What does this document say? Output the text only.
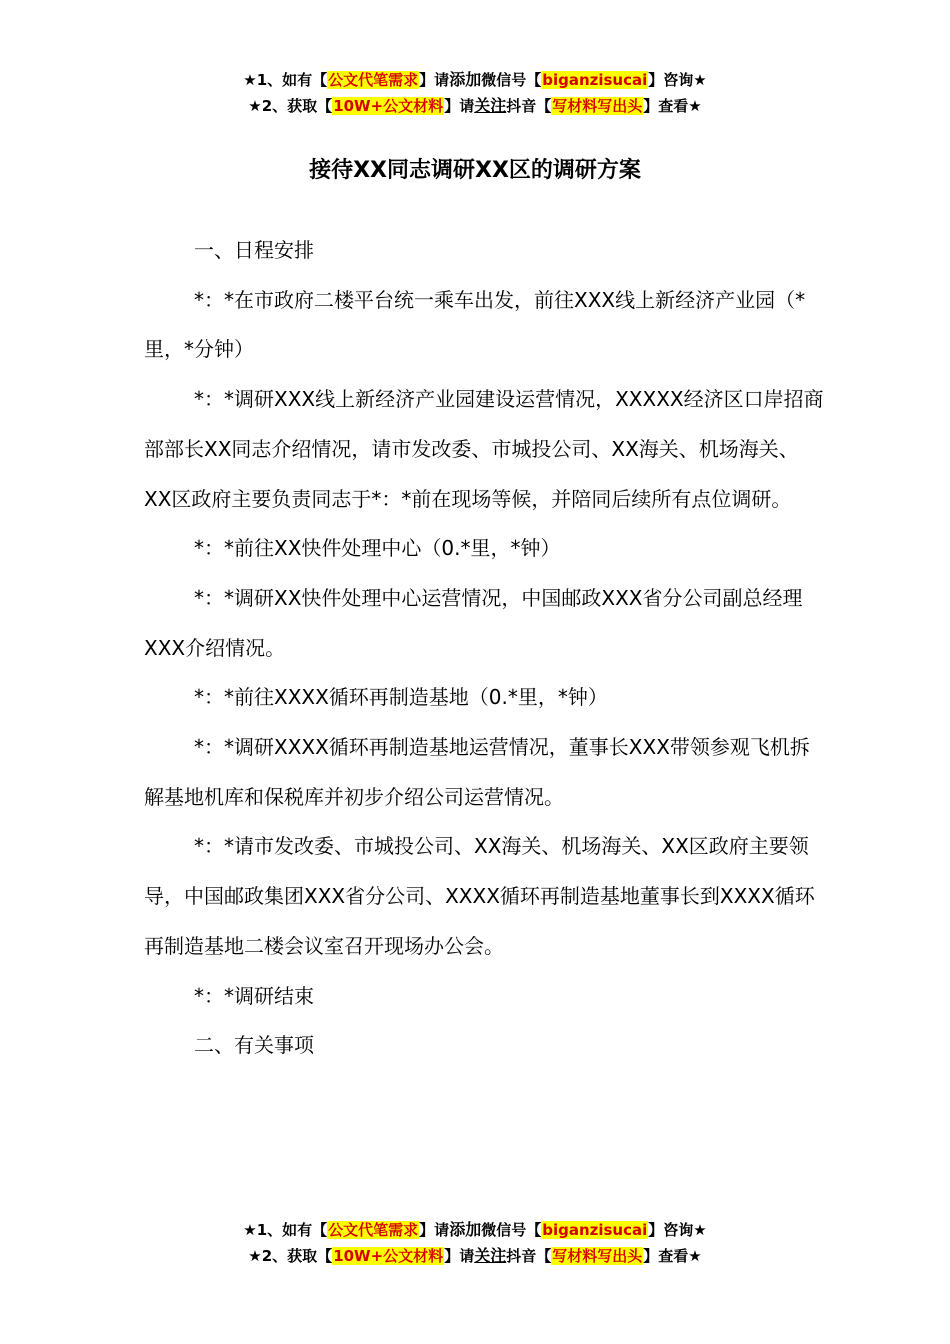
★1、如有【公文代笔需求】请添加微信号【biganzisucai】咨询★
★2、获取【10W+公文材料】请关注抖音【写材料写出头】查看★
接待XX同志调研XX区的调研方案

一、日程安排

*：*在市政府二楼平台统一乘车出发，前往XXX线上新经济产业园（*里，*分钟）

*：*调研XXX线上新经济产业园建设运营情况，XXXXX经济区口岸招商部部长XX同志介绍情况，请市发改委、市城投公司、XX海关、机场海关、XX区政府主要负责同志于*：*前在现场等候，并陪同后续所有点位调研。

*：*前往XX快件处理中心（0.*里，*钟）

*：*调研XX快件处理中心运营情况，中国邮政XXX省分公司副总经理XXX介绍情况。

*：*前往XXXX循环再制造基地（0.*里，*钟）

*：*调研XXXX循环再制造基地运营情况，董事长XXX带领参观飞机拆解基地机库和保税库并初步介绍公司运营情况。

*：*请市发改委、市城投公司、XX海关、机场海关、XX区政府主要领导，中国邮政集团XXX省分公司、XXXX循环再制造基地董事长到XXXX循环再制造基地二楼会议室召开现场办公会。

*：*调研结束

二、有关事项

★1、如有【公文代笔需求】请添加微信号【biganzisucai】咨询★
★2、获取【10W+公文材料】请关注抖音【写材料写出头】查看★
